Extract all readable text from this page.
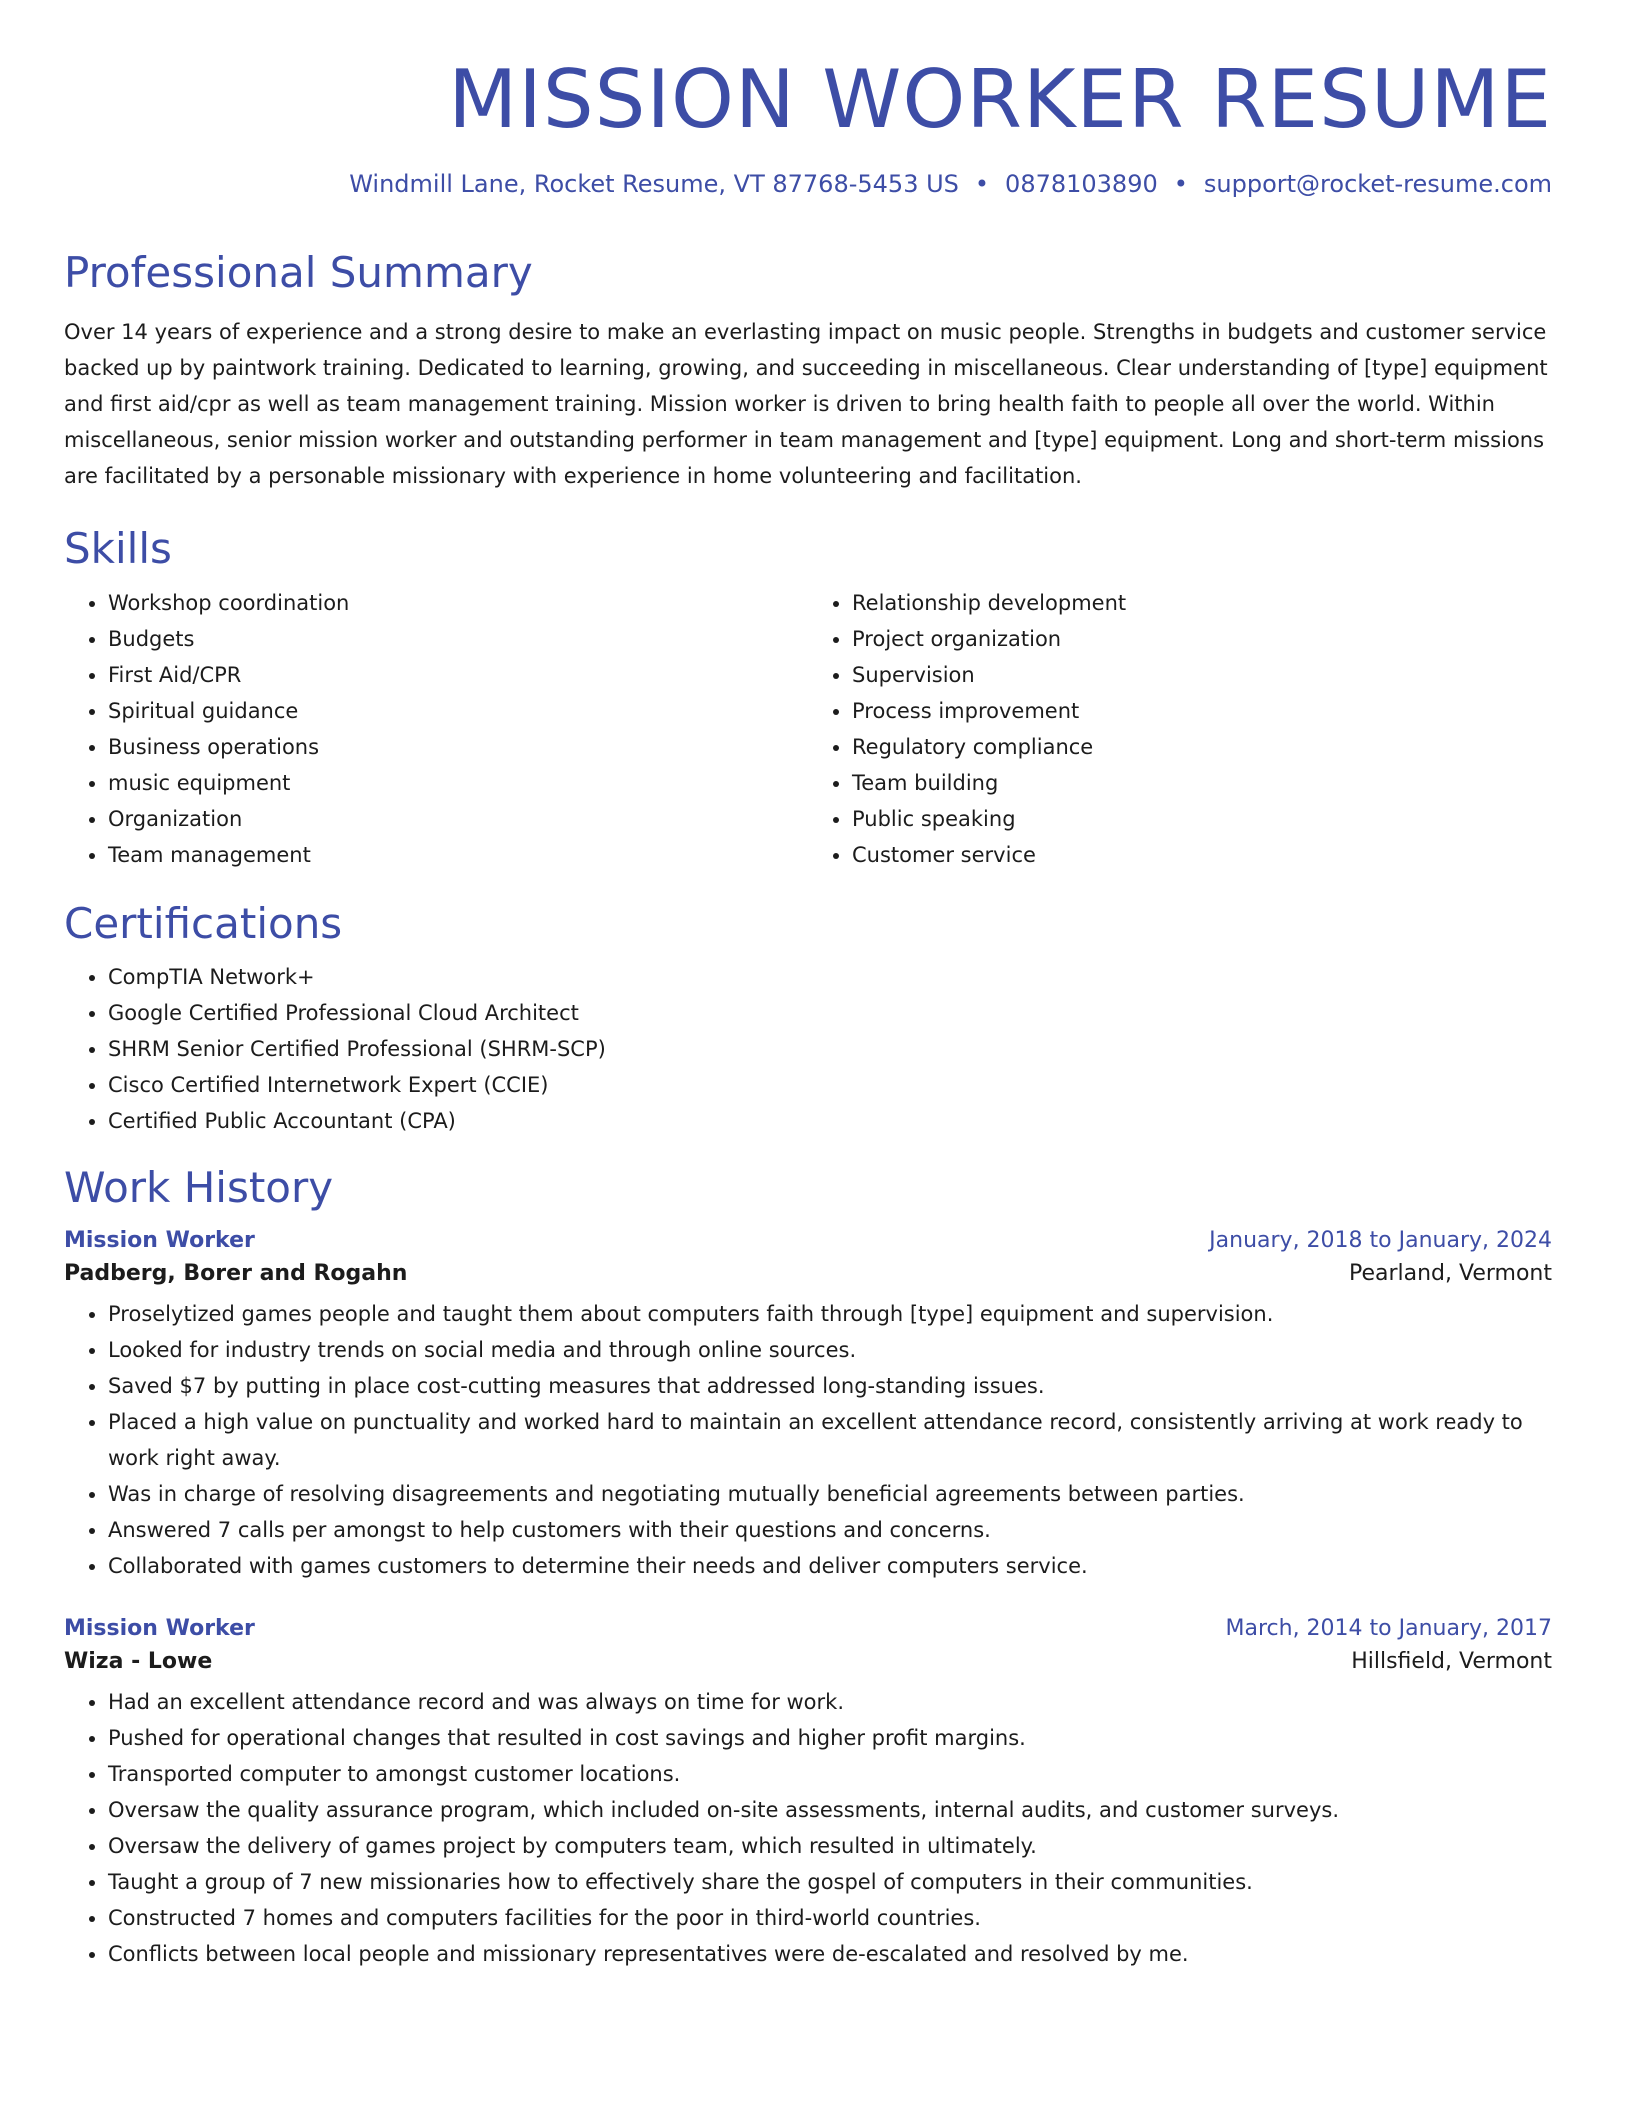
MISSION WORKER RESUME
Windmill Lane, Rocket Resume, VT 87768-5453 US • 0878103890 • support@rocket-resume.com
Professional Summary
Over 14 years of experience and a strong desire to make an everlasting impact on music people. Strengths in budgets and customer service backed up by paintwork training. Dedicated to learning, growing, and succeeding in miscellaneous. Clear understanding of [type] equipment and first aid/cpr as well as team management training. Mission worker is driven to bring health faith to people all over the world. Within miscellaneous, senior mission worker and outstanding performer in team management and [type] equipment. Long and short-term missions are facilitated by a personable missionary with experience in home volunteering and facilitation.
Skills
• Workshop coordination
• Budgets
• First Aid/CPR
• Spiritual guidance
• Business operations
• music equipment
• Organization
• Team management
• Relationship development
• Project organization
• Supervision
• Process improvement
• Regulatory compliance
• Team building
• Public speaking
• Customer service
Certifications
• CompTIA Network+
• Google Certified Professional Cloud Architect
• SHRM Senior Certified Professional (SHRM-SCP)
• Cisco Certified Internetwork Expert (CCIE)
• Certified Public Accountant (CPA)
Work History
Mission Worker	January, 2018 to January, 2024
Padberg, Borer and Rogahn	Pearland, Vermont
• Proselytized games people and taught them about computers faith through [type] equipment and supervision.
• Looked for industry trends on social media and through online sources.
• Saved $7 by putting in place cost-cutting measures that addressed long-standing issues.
• Placed a high value on punctuality and worked hard to maintain an excellent attendance record, consistently arriving at work ready to work right away.
• Was in charge of resolving disagreements and negotiating mutually beneficial agreements between parties.
• Answered 7 calls per amongst to help customers with their questions and concerns.
• Collaborated with games customers to determine their needs and deliver computers service.
Mission Worker	March, 2014 to January, 2017
Wiza - Lowe	Hillsfield, Vermont
• Had an excellent attendance record and was always on time for work.
• Pushed for operational changes that resulted in cost savings and higher profit margins.
• Transported computer to amongst customer locations.
• Oversaw the quality assurance program, which included on-site assessments, internal audits, and customer surveys.
• Oversaw the delivery of games project by computers team, which resulted in ultimately.
• Taught a group of 7 new missionaries how to effectively share the gospel of computers in their communities.
• Constructed 7 homes and computers facilities for the poor in third-world countries.
• Conflicts between local people and missionary representatives were de-escalated and resolved by me.
